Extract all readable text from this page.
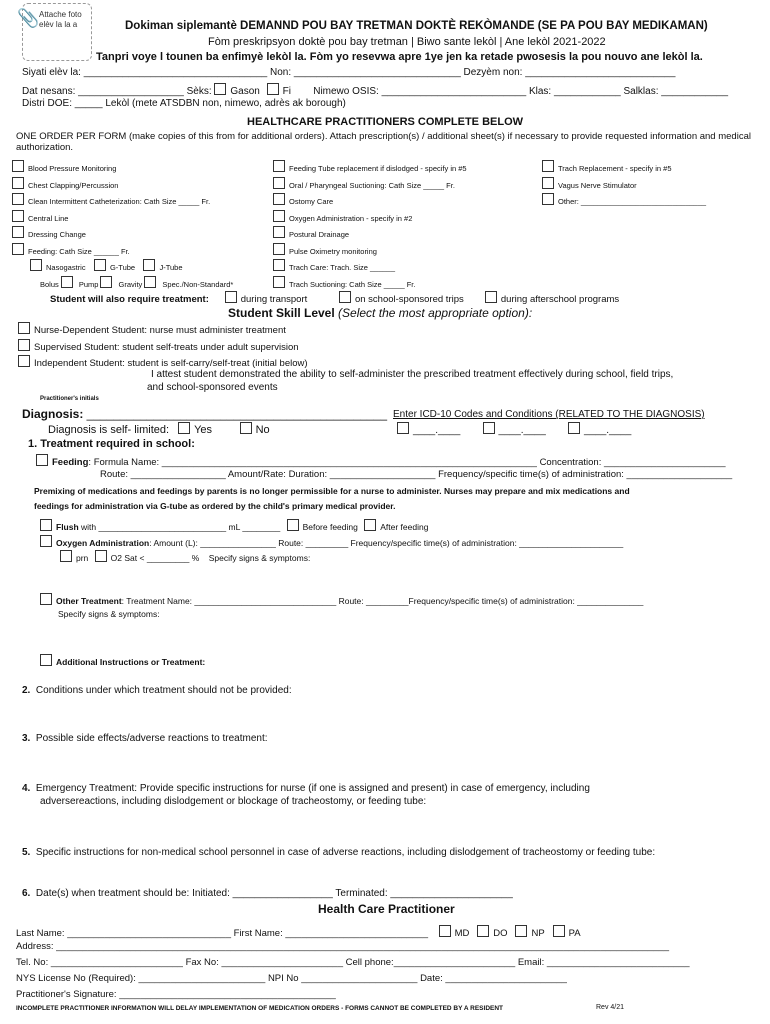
📎 Attache foto elèv la la a	Dokiman siplemantè DEMANND POU BAY TRETMAN DOKTÈ REKÒMANDE (SE PA POU BAY MEDIKAMAN)
Fòm preskripsyon doktè pou bay tretman | Biwo sante lekòl | Ane lekòl 2021-2022
Tanpri voye l tounen ba enfimyè lekòl la. Fòm yo resevwa apre 1ye jen ka retade pwosesis la pou nouvo ane lekòl la.
Siyati elèv la: _________________________________ Non: ______________________________ Dezyèm non: ___________________________
Dat nesans: ___________________ Sèks: Gason Fi Nimewo OSIS: __________________________ Klas: ____________ Salklas: ____________
Distri DOE: _____ Lekòl (mete ATSDBN non, nimewo, adrès ak borough)
HEALTHCARE PRACTITIONERS COMPLETE BELOW
ONE ORDER PER FORM (make copies of this from for additional orders). Attach prescription(s) / additional sheet(s) if necessary to provide requested information and medical authorization.
Blood Pressure Monitoring
Chest Clapping/Percussion
Clean Intermittent Catheterization: Cath Size _____ Fr.
Central Line
Dressing Change
Feeding: Cath Size ______ Fr.
Nasogastric	G-Tube	J-Tube
Bolus	Pump	Gravity	Spec./Non-Standard*
Feeding Tube replacement if dislodged - specify in #5
Oral / Pharyngeal Suctioning: Cath Size _____ Fr.
Ostomy Care
Oxygen Administration - specify in #2
Postural Drainage
Pulse Oximetry monitoring
Trach Care: Trach. Size ______
Trach Suctioning: Cath Size _____ Fr.
Trach Replacement - specify in #5
Vagus Nerve Stimulator
Other: ______________________________
Student will also require treatment:	during transport	on school-sponsored trips	during afterschool programs
Student Skill Level (Select the most appropriate option):
Nurse-Dependent Student: nurse must administer treatment
Supervised Student: student self-treats under adult supervision
Independent Student: student is self-carry/self-treat (initial below)
I attest student demonstrated the ability to self-administer the prescribed treatment effectively during school, field trips,
and school-sponsored events
Practitioner's initials
Diagnosis: _____________________________________________ Enter ICD-10 Codes and Conditions (RELATED TO THE DIAGNOSIS)
Diagnosis is self- limited: Yes	No	____.____	____.____	____.____
1. Treatment required in school:
Feeding: Formula Name: _______________________________________________________________________ Concentration: _______________________
Route: __________________ Amount/Rate: Duration: ____________________ Frequency/specific time(s) of administration: ____________________
Premixing of medications and feedings by parents is no longer permissible for a nurse to administer. Nurses may prepare and mix medications and
feedings for administration via G-tube as ordered by the child's primary medical provider.
Flush with ___________________________ mL ________	Before feeding	After feeding
Oxygen Administration: Amount (L): ________________ Route: _________ Frequency/specific time(s) of administration: ______________________
prn	O2 Sat < _________ % Specify signs & symptoms:
Other Treatment: Treatment Name: ______________________________ Route: _________Frequency/specific time(s) of administration: ______________
Specify signs & symptoms:
Additional Instructions or Treatment:
2. Conditions under which treatment should not be provided:
3. Possible side effects/adverse reactions to treatment:
4. Emergency Treatment: Provide specific instructions for nurse (if one is assigned and present) in case of emergency, including
adversereactions, including dislodgement or blockage of tracheostomy, or feeding tube:
5. Specific instructions for non-medical school personnel in case of adverse reactions, including dislodgement of tracheostomy or feeding tube:
6. Date(s) when treatment should be: Initiated: __________________ Terminated: ______________________
Health Care Practitioner
Last Name: _______________________________ First Name: ___________________________	MD	DO	NP	PA
Address: ____________________________________________________________________________________________________________________
Tel. No: _________________________ Fax No: _______________________ Cell phone:_______________________ Email: ___________________________
NYS License No (Required): ________________________ NPI No ______________________ Date: _______________________
Practitioner's Signature: _________________________________________
INCOMPLETE PRACTITIONER INFORMATION WILL DELAY IMPLEMENTATION OF MEDICATION ORDERS - FORMS CANNOT BE COMPLETED BY A RESIDENT	Rev 4/21
